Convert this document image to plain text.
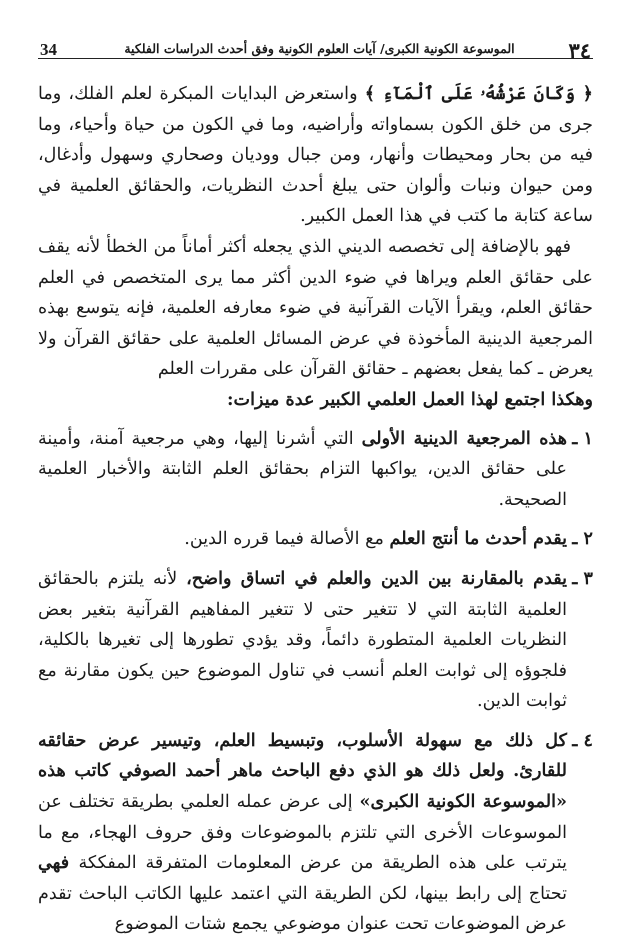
٣٤
الموسوعة الكونية الكبرى/ آيات العلوم الكونية وفق أحدث الدراسات الفلكية
34

﴿ وَكَانَ عَرْشُهُۥ عَلَى ٱلْمَآءِ ﴾ واستعرض البدايات المبكرة لعلم الفلك، وما جرى من خلق الكون بسماواته وأراضيه، وما في الكون من حياة وأحياء، وما فيه من بحار ومحيطات وأنهار، ومن جبال ووديان وصحاري وسهول وأدغال، ومن حيوان ونبات وألوان حتى يبلغ أحدث النظريات، والحقائق العلمية في ساعة كتابة ما كتب في هذا العمل الكبير.

فهو بالإضافة إلى تخصصه الديني الذي يجعله أكثر أماناً من الخطأ لأنه يقف على حقائق العلم ويراها في ضوء الدين أكثر مما يرى المتخصص في العلم حقائق العلم، ويقرأ الآيات القرآنية في ضوء معارفه العلمية، فإنه يتوسع بهذه المرجعية الدينية المأخوذة في عرض المسائل العلمية على حقائق القرآن ولا يعرض ـ كما يفعل بعضهم ـ حقائق القرآن على مقررات العلم
وهكذا اجتمع لهذا العمل العلمي الكبير عدة ميزات:

١ ـ
هذه المرجعية الدينية الأولى التي أشرنا إليها، وهي مرجعية آمنة، وأمينة على حقائق الدين، يواكبها التزام بحقائق العلم الثابتة والأخبار العلمية الصحيحة.
٢ ـ
يقدم أحدث ما أنتج العلم مع الأصالة فيما قرره الدين.
٣ ـ
يقدم بالمقارنة بين الدين والعلم في اتساق واضح، لأنه يلتزم بالحقائق العلمية الثابتة التي لا تتغير حتى لا تتغير المفاهيم القرآنية بتغير بعض النظريات العلمية المتطورة دائماً، وقد يؤدي تطورها إلى تغيرها بالكلية، فلجوؤه إلى ثوابت العلم أنسب في تناول الموضوع حين يكون مقارنة مع ثوابت الدين.
٤ ـ
كل ذلك مع سهولة الأسلوب، وتبسيط العلم، وتيسير عرض حقائقه للقارئ. ولعل ذلك هو الذي دفع الباحث ماهر أحمد الصوفي كاتب هذه «الموسوعة الكونية الكبرى» إلى عرض عمله العلمي بطريقة تختلف عن الموسوعات الأخرى التي تلتزم بالموضوعات وفق حروف الهجاء، مع ما يترتب على هذه الطريقة من عرض المعلومات المتفرقة المفككة فهي تحتاج إلى رابط بينها، لكن الطريقة التي اعتمد عليها الكاتب الباحث تقدم عرض الموضوعات تحت عنوان موضوعي يجمع شتات الموضوع
